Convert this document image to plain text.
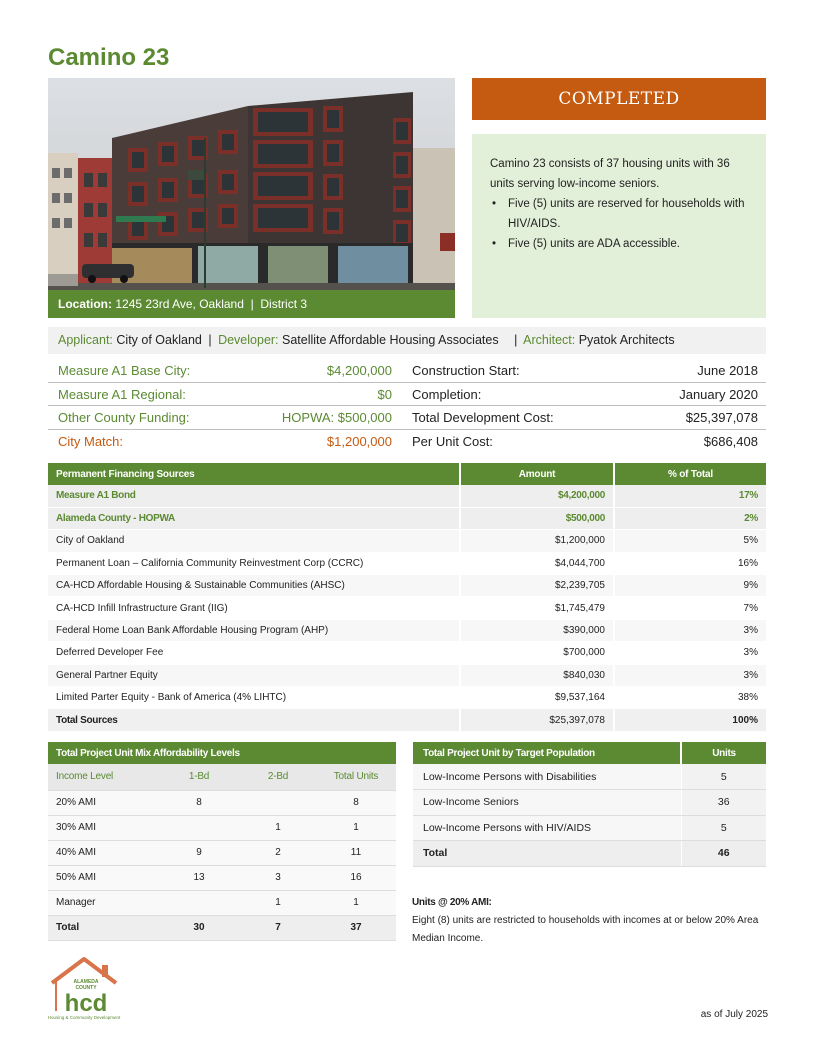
Camino 23
Location: 1245 23rd Ave, Oakland | District 3
COMPLETED

Camino 23 consists of 37 housing units with 36 units serving low-income seniors.

• Five (5) units are reserved for households with HIV/AIDS.
• Five (5) units are ADA accessible.
Applicant: City of Oakland | Developer: Satellite Affordable Housing Associates | Architect: Pyatok Architects
Measure A1 Base City:	$4,200,000 Construction Start:	June 2018
Measure A1 Regional:	$0 Completion:	January 2020
Other County Funding:	HOPWA: $500,000 Total Development Cost:	$25,397,078
City Match:	$1,200,000 Per Unit Cost:	$686,408
Permanent Financing Sources	Amount	% of Total
Measure A1 Bond	$4,200,000	17%
Alameda County - HOPWA	$500,000	2%
City of Oakland	$1,200,000	5%
Permanent Loan – California Community Reinvestment Corp (CCRC)	$4,044,700	16%
CA-HCD Affordable Housing & Sustainable Communities (AHSC)	$2,239,705	9%
CA-HCD Infill Infrastructure Grant (IIG)	$1,745,479	7%
Federal Home Loan Bank Affordable Housing Program (AHP)	$390,000	3%
Deferred Developer Fee	$700,000	3%
General Partner Equity	$840,030	3%
Limited Parter Equity - Bank of America (4% LIHTC)	$9,537,164	38%
Total Sources	$25,397,078	100%
Total Project Unit Mix Affordability Levels			
Income Level	1-Bd	2-Bd	Total Units
20% AMI	8		8
30% AMI		1	1
40% AMI	9	2	11
50% AMI	13	3	16
Manager		1	1
Total	30	7	37
Total Project Unit by Target Population	Units
Low-Income Persons with Disabilities	5
Low-Income Seniors	36
Low-Income Persons with HIV/AIDS	5
Total	46
Units @ 20% AMI:
Eight (8) units are restricted to households with incomes at or below 20% Area Median Income.
ALAMEDA
COUNTY
hcd
Housing & Community Development	as of July 2025
